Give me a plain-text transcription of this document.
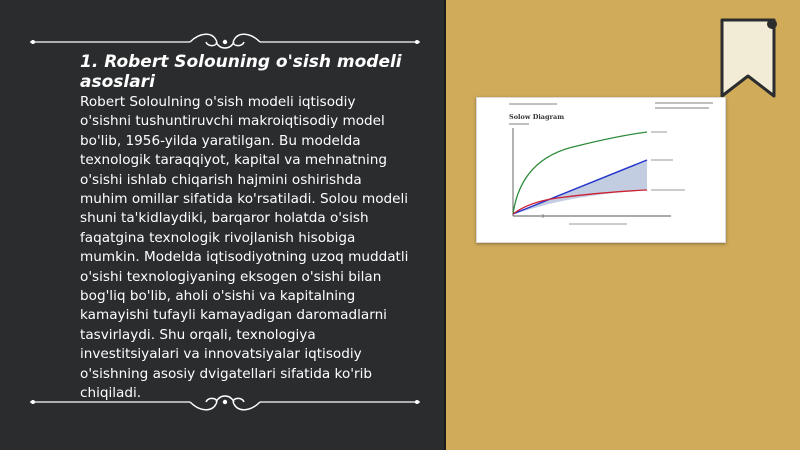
1. Robert Solouning o'sish modeli asoslari

Robert Soloulning o'sish modeli iqtisodiy o'sishni tushuntiruvchi makroiqtisodiy model bo'lib, 1956-yilda yaratilgan. Bu modelda texnologik taraqqiyot, kapital va mehnatning o'sishi ishlab chiqarish hajmini oshirishda muhim omillar sifatida ko'rsatiladi. Solou modeli shuni ta'kidlaydiki, barqaror holatda o'sish faqatgina texnologik rivojlanish hisobiga mumkin. Modelda iqtisodiyotning uzoq muddatli o'sishi texnologiyaning eksogen o'sishi bilan bog'liq bo'lib, aholi o'sishi va kapitalning kamayishi tufayli kamayadigan daromadlarni tasvirlaydi. Shu orqali, texnologiya investitsiyalari va innovatsiyalar iqtisodiy o'sishning asosiy dvigatellari sifatida ko'rib chiqiladi.

Solow Diagram
